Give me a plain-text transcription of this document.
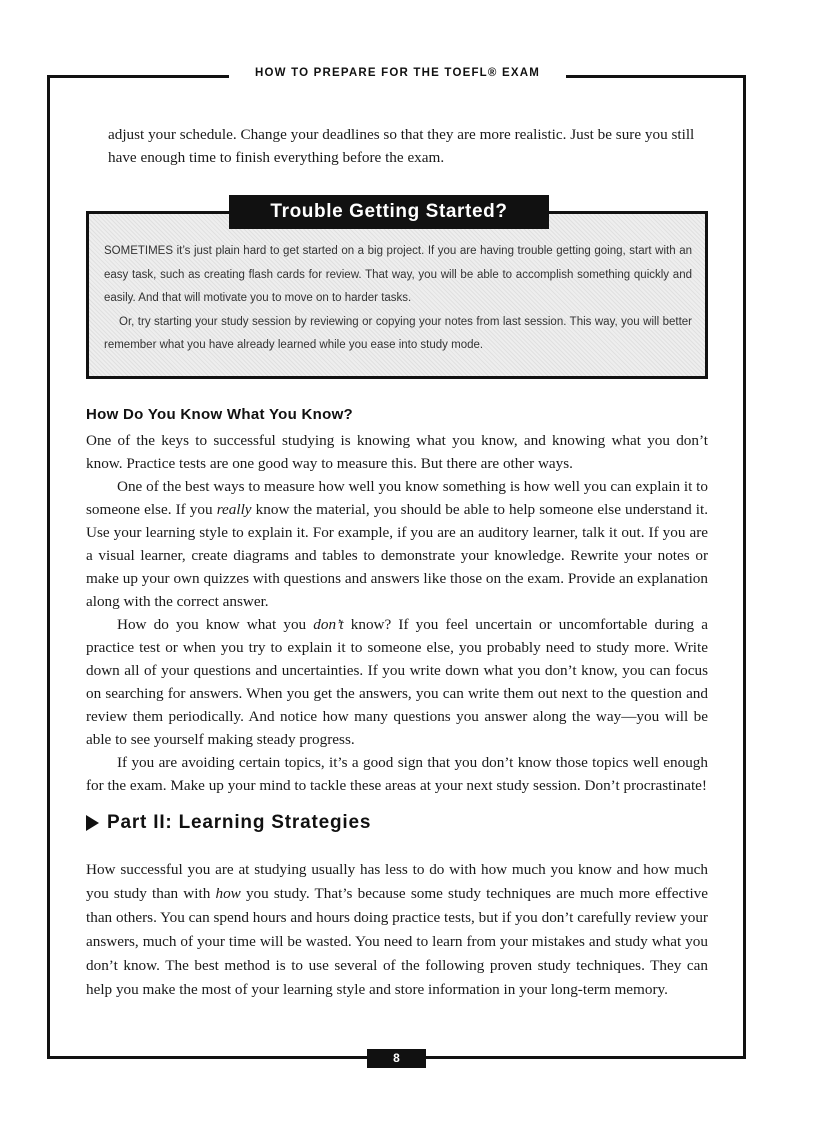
HOW TO PREPARE FOR THE TOEFL® EXAM

adjust your schedule. Change your deadlines so that they are more realistic. Just be sure you still have enough time to finish everything before the exam.

Trouble Getting Started?

SOMETIMES it’s just plain hard to get started on a big project. If you are having trouble getting going, start with an easy task, such as creating flash cards for review. That way, you will be able to accomplish something quickly and easily. And that will motivate you to move on to harder tasks.

Or, try starting your study session by reviewing or copying your notes from last session. This way, you will better remember what you have already learned while you ease into study mode.

How Do You Know What You Know?

One of the keys to successful studying is knowing what you know, and knowing what you don’t know. Practice tests are one good way to measure this. But there are other ways.

One of the best ways to measure how well you know something is how well you can explain it to someone else. If you really know the material, you should be able to help someone else understand it. Use your learning style to explain it. For example, if you are an auditory learner, talk it out. If you are a visual learner, create diagrams and tables to demonstrate your knowledge. Rewrite your notes or make up your own quizzes with questions and answers like those on the exam. Provide an explanation along with the correct answer.

How do you know what you don’t know? If you feel uncertain or uncomfortable during a practice test or when you try to explain it to someone else, you probably need to study more. Write down all of your questions and uncertainties. If you write down what you don’t know, you can focus on searching for answers. When you get the answers, you can write them out next to the question and review them periodically. And notice how many questions you answer along the way—you will be able to see yourself making steady progress.

If you are avoiding certain topics, it’s a good sign that you don’t know those topics well enough for the exam. Make up your mind to tackle these areas at your next study session. Don’t procrastinate!

Part II: Learning Strategies

How successful you are at studying usually has less to do with how much you know and how much you study than with how you study. That’s because some study techniques are much more effective than others. You can spend hours and hours doing practice tests, but if you don’t carefully review your answers, much of your time will be wasted. You need to learn from your mistakes and study what you don’t know. The best method is to use several of the following proven study techniques. They can help you make the most of your learning style and store information in your long-term memory.

8
